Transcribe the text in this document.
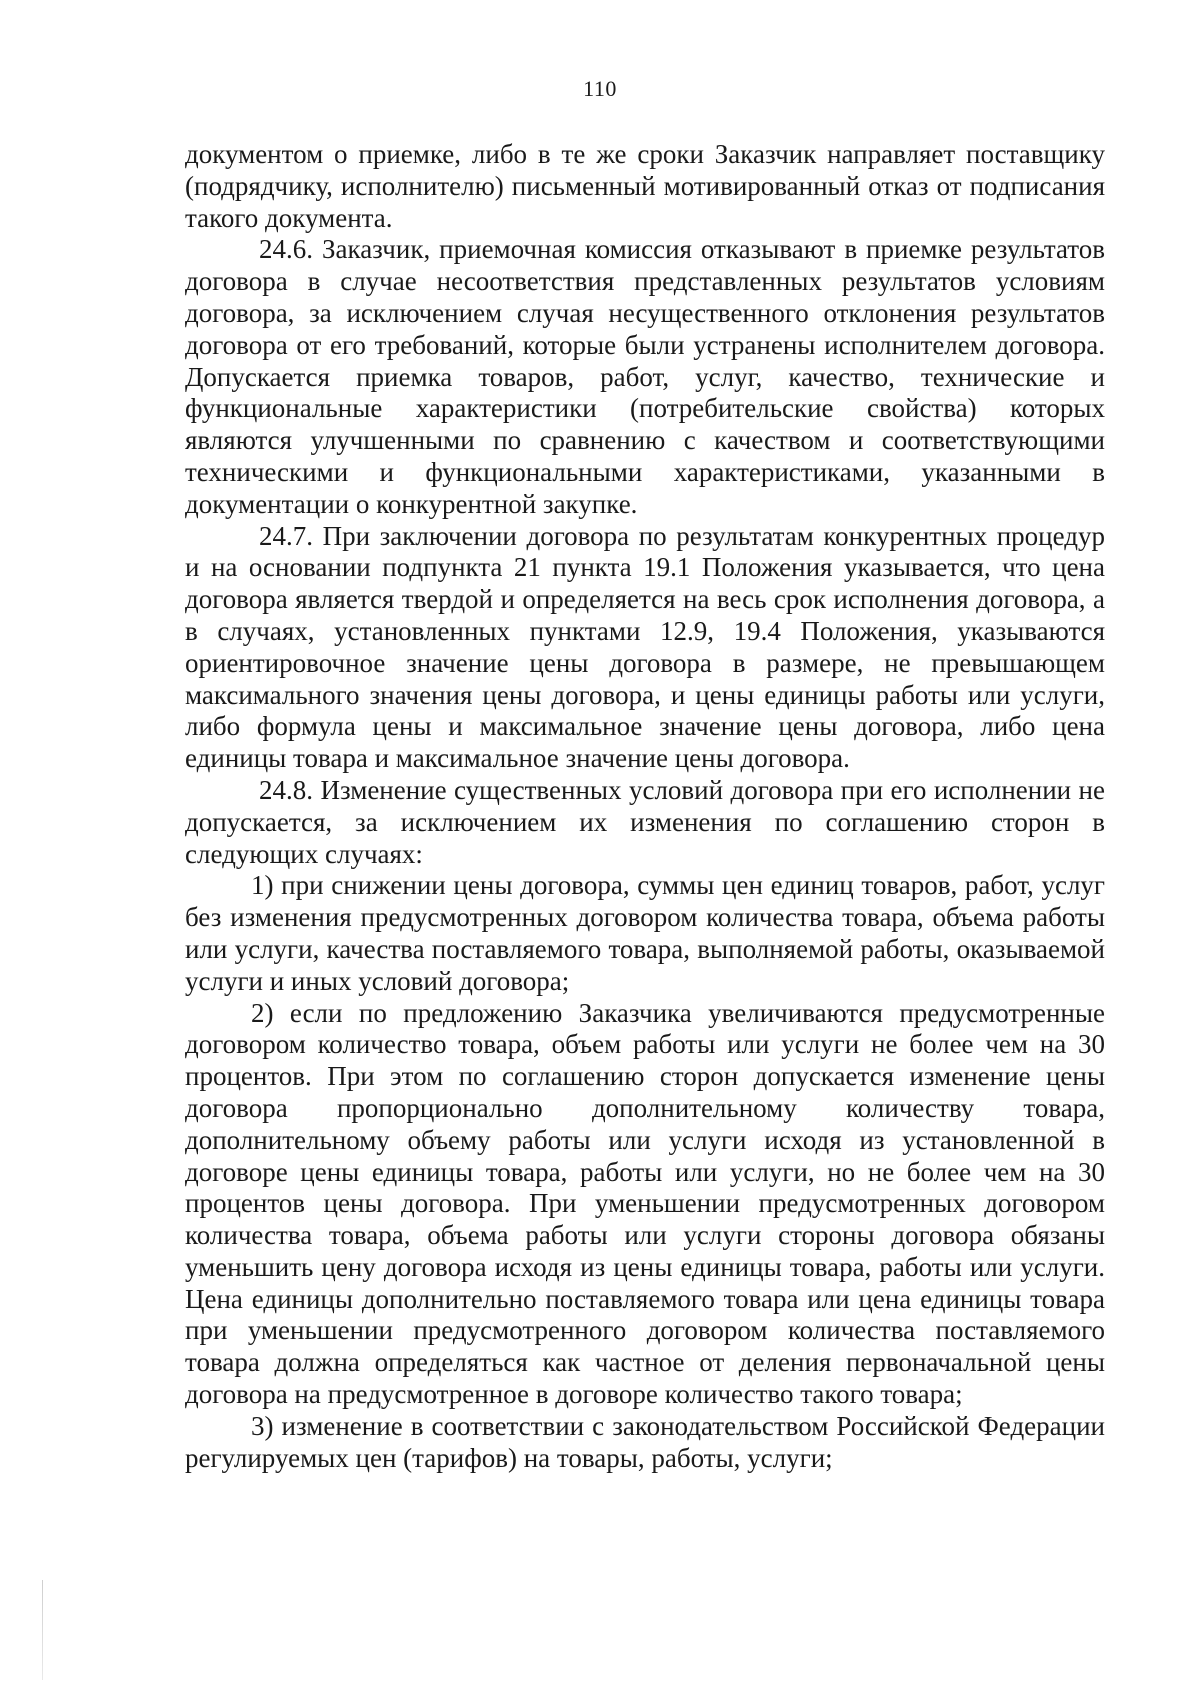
110

документом о приемке, либо в те же сроки Заказчик направляет поставщику (подрядчику, исполнителю) письменный мотивированный отказ от подписания такого документа.

24.6. Заказчик, приемочная комиссия отказывают в приемке результатов договора в случае несоответствия представленных результатов условиям договора, за исключением случая несущественного отклонения результатов договора от его требований, которые были устранены исполнителем договора. Допускается приемка товаров, работ, услуг, качество, технические и функциональные характеристики (потребительские свойства) которых являются улучшенными по сравнению с качеством и соответствующими техническими и функциональными характеристиками, указанными в документации о конкурентной закупке.

24.7. При заключении договора по результатам конкурентных процедур и на основании подпункта 21 пункта 19.1 Положения указывается, что цена договора является твердой и определяется на весь срок исполнения договора, а в случаях, установленных пунктами 12.9, 19.4 Положения, указываются ориентировочное значение цены договора в размере, не превышающем максимального значения цены договора, и цены единицы работы или услуги, либо формула цены и максимальное значение цены договора, либо цена единицы товара и максимальное значение цены договора.

24.8. Изменение существенных условий договора при его исполнении не допускается, за исключением их изменения по соглашению сторон в следующих случаях:

1) при снижении цены договора, суммы цен единиц товаров, работ, услуг без изменения предусмотренных договором количества товара, объема работы или услуги, качества поставляемого товара, выполняемой работы, оказываемой услуги и иных условий договора;

2) если по предложению Заказчика увеличиваются предусмотренные договором количество товара, объем работы или услуги не более чем на 30 процентов. При этом по соглашению сторон допускается изменение цены договора пропорционально дополнительному количеству товара, дополнительному объему работы или услуги исходя из установленной в договоре цены единицы товара, работы или услуги, но не более чем на 30 процентов цены договора. При уменьшении предусмотренных договором количества товара, объема работы или услуги стороны договора обязаны уменьшить цену договора исходя из цены единицы товара, работы или услуги. Цена единицы дополнительно поставляемого товара или цена единицы товара при уменьшении предусмотренного договором количества поставляемого товара должна определяться как частное от деления первоначальной цены договора на предусмотренное в договоре количество такого товара;

3) изменение в соответствии с законодательством Российской Федерации регулируемых цен (тарифов) на товары, работы, услуги;
